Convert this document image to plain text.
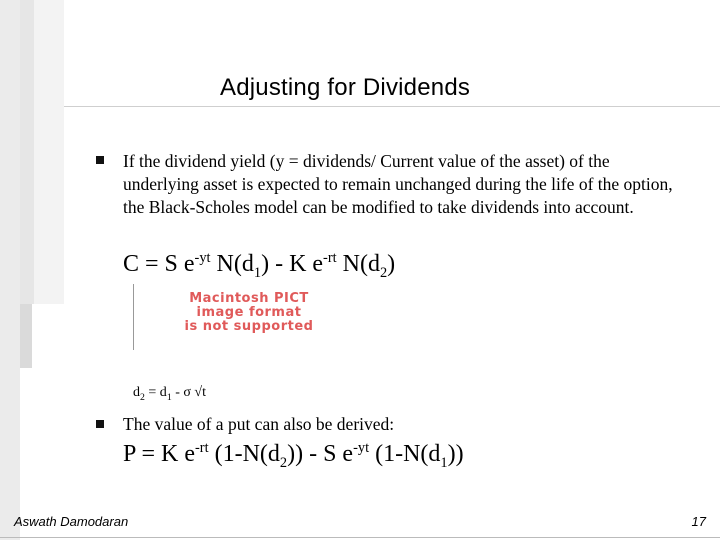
Adjusting for Dividends
If the dividend yield (y = dividends/ Current value of the asset) of the underlying asset is expected to remain unchanged during the life of the option, the Black-Scholes model can be modified to take dividends into account.
C = S $e^{-yt}$ $N(d_1)$ - K $e^{-rt}$ $N(d_2)$
Macintosh PICT
image format
is not supported
$d_2 = d_1 - \sigma$ √t
The value of a put can also be derived:
P = K $e^{-rt}$ $(1-N(d_2))$ - S $e^{-yt}$ $(1-N(d_1))$
Aswath Damodaran	17
